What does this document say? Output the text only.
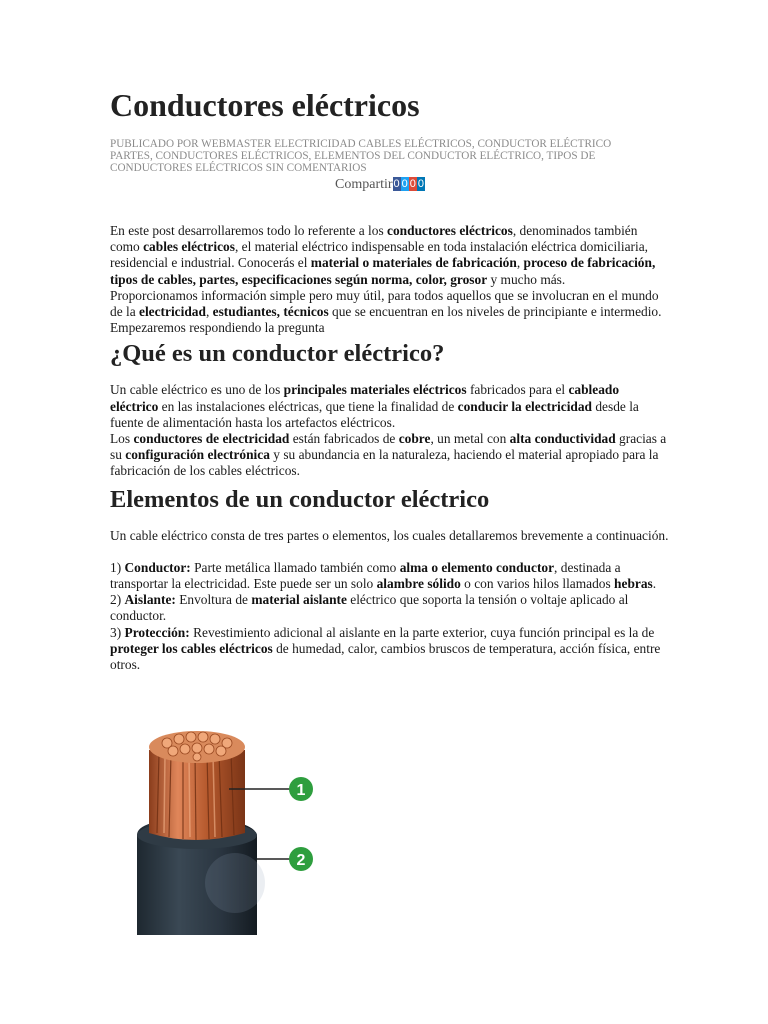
Conductores eléctricos
PUBLICADO POR WEBMASTER ELECTRICIDAD CABLES ELÉCTRICOS, CONDUCTOR ELÉCTRICO
PARTES, CONDUCTORES ELÉCTRICOS, ELEMENTOS DEL CONDUCTOR ELÉCTRICO, TIPOS DE
CONDUCTORES ELÉCTRICOS SIN COMENTARIOS
Compartir0 0 0 0

En este post desarrollaremos todo lo referente a los conductores eléctricos, denominados también como cables eléctricos, el material eléctrico indispensable en toda instalación eléctrica domiciliaria, residencial e industrial. Conocerás el material o materiales de fabricación, proceso de fabricación, tipos de cables, partes, especificaciones según norma, color, grosor y mucho más.

Proporcionamos información simple pero muy útil, para todos aquellos que se involucran en el mundo de la electricidad, estudiantes, técnicos que se encuentran en los niveles de principiante e intermedio. Empezaremos respondiendo la pregunta

¿Qué es un conductor eléctrico?

Un cable eléctrico es uno de los principales materiales eléctricos fabricados para el cableado eléctrico en las instalaciones eléctricas, que tiene la finalidad de conducir la electricidad desde la fuente de alimentación hasta los artefactos eléctricos.

Los conductores de electricidad están fabricados de cobre, un metal con alta conductividad gracias a su configuración electrónica y su abundancia en la naturaleza, haciendo el material apropiado para la fabricación de los cables eléctricos.

Elementos de un conductor eléctrico

Un cable eléctrico consta de tres partes o elementos, los cuales detallaremos brevemente a continuación.

1) Conductor: Parte metálica llamado también como alma o elemento conductor, destinada a transportar la electricidad. Este puede ser un solo alambre sólido o con varios hilos llamados hebras.

2) Aislante: Envoltura de material aislante eléctrico que soporta la tensión o voltaje aplicado al conductor.

3) Protección: Revestimiento adicional al aislante en la parte exterior, cuya función principal es la de proteger los cables eléctricos de humedad, calor, cambios bruscos de temperatura, acción física, entre otros.

1
2
